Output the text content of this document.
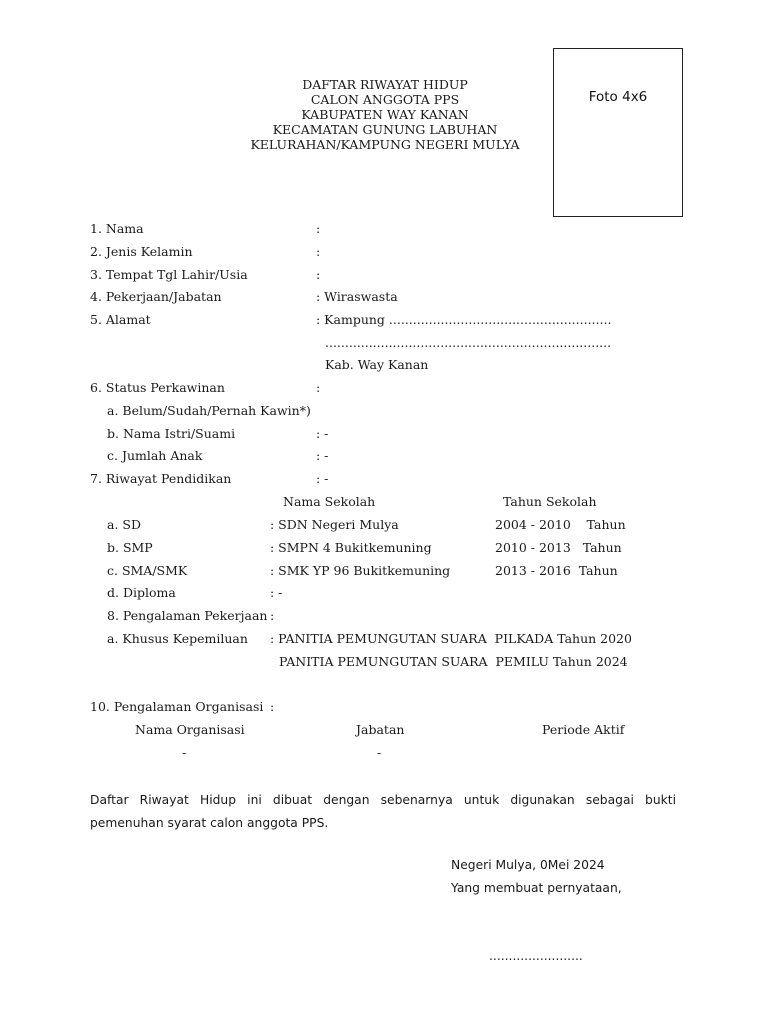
DAFTAR RIWAYAT HIDUP
CALON ANGGOTA PPS
KABUPATEN WAY KANAN
KECAMATAN GUNUNG LABUHAN
KELURAHAN/KAMPUNG NEGERI MULYA
Foto 4x6
1. Nama	:
2. Jenis Kelamin	:
3. Tempat Tgl Lahir/Usia	:
4. Pekerjaan/Jabatan	: Wiraswasta
5. Alamat	: Kampung ........................................................
........................................................................
Kab. Way Kanan
6. Status Perkawinan	:
a. Belum/Sudah/Pernah Kawin*)
b. Nama Istri/Suami	: -
c. Jumlah Anak	: -
7. Riwayat Pendidikan	: -
Nama Sekolah	Tahun Sekolah
a. SD	: SDN Negeri Mulya	2004 - 2010    Tahun
b. SMP	: SMPN 4 Bukitkemuning	2010 - 2013   Tahun
c. SMA/SMK	: SMK YP 96 Bukitkemuning	2013 - 2016  Tahun
d. Diploma	: -
8. Pengalaman Pekerjaan :
a. Khusus Kepemiluan : PANITIA PEMUNGUTAN SUARA  PILKADA Tahun 2020
PANITIA PEMUNGUTAN SUARA  PEMILU Tahun 2024
10. Pengalaman Organisasi :
Nama Organisasi	Jabatan	Periode Aktif
-	-
Daftar Riwayat Hidup ini dibuat dengan sebenarnya untuk digunakan sebagai bukti pemenuhan syarat calon anggota PPS.
Negeri Mulya, 0Mei 2024
Yang membuat pernyataan,
........................
